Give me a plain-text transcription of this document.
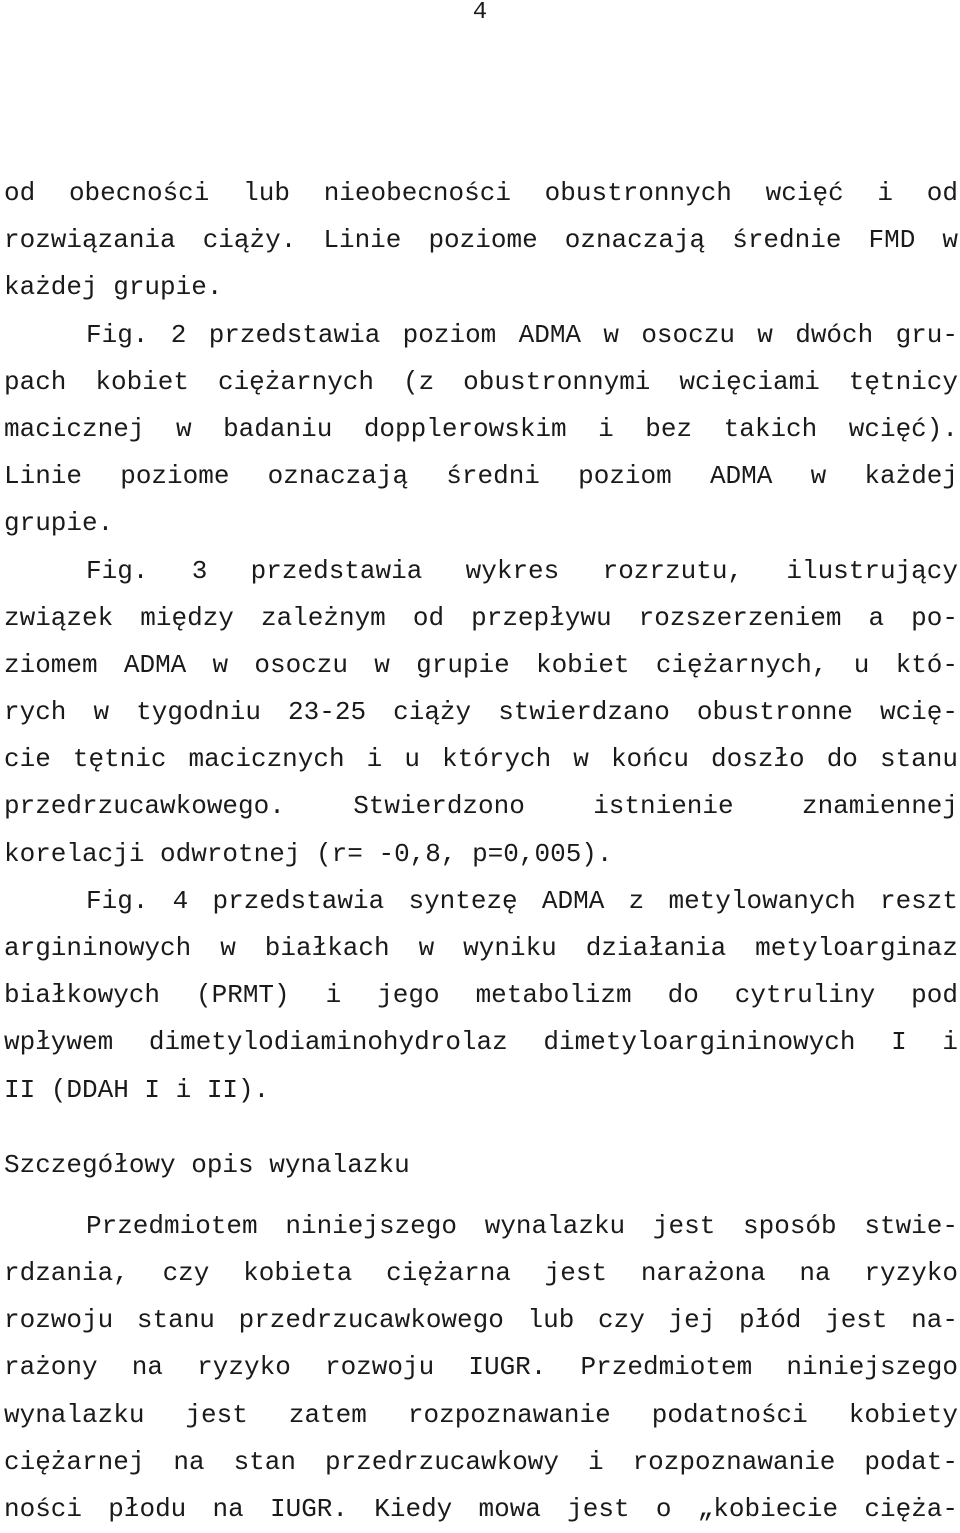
4
od obecności lub nieobecności obustronnych wcięć i od
rozwiązania ciąży. Linie poziome oznaczają średnie FMD w
każdej grupie.
Fig. 2 przedstawia poziom ADMA w osoczu w dwóch gru-
pach kobiet ciężarnych (z obustronnymi wcięciami tętnicy
macicznej w badaniu dopplerowskim i bez takich wcięć).
Linie poziome oznaczają średni poziom ADMA w każdej
grupie.
Fig. 3 przedstawia wykres rozrzutu, ilustrujący
związek między zależnym od przepływu rozszerzeniem a po-
ziomem ADMA w osoczu w grupie kobiet ciężarnych, u któ-
rych w tygodniu 23-25 ciąży stwierdzano obustronne wcię-
cie tętnic macicznych i u których w końcu doszło do stanu
przedrzucawkowego. Stwierdzono istnienie znamiennej
korelacji odwrotnej (r= -0,8, p=0,005).
Fig. 4 przedstawia syntezę ADMA z metylowanych reszt
argininowych w białkach w wyniku działania metyloarginaz
białkowych (PRMT) i jego metabolizm do cytruliny pod
wpływem dimetylodiaminohydrolaz dimetyloargininowych I i
II (DDAH I i II).
Szczegółowy opis wynalazku
Przedmiotem niniejszego wynalazku jest sposób stwie-
rdzania, czy kobieta ciężarna jest narażona na ryzyko
rozwoju stanu przedrzucawkowego lub czy jej płód jest na-
rażony na ryzyko rozwoju IUGR. Przedmiotem niniejszego
wynalazku jest zatem rozpoznawanie podatności kobiety
ciężarnej na stan przedrzucawkowy i rozpoznawanie podat-
ności płodu na IUGR. Kiedy mowa jest o „kobiecie cięża-
